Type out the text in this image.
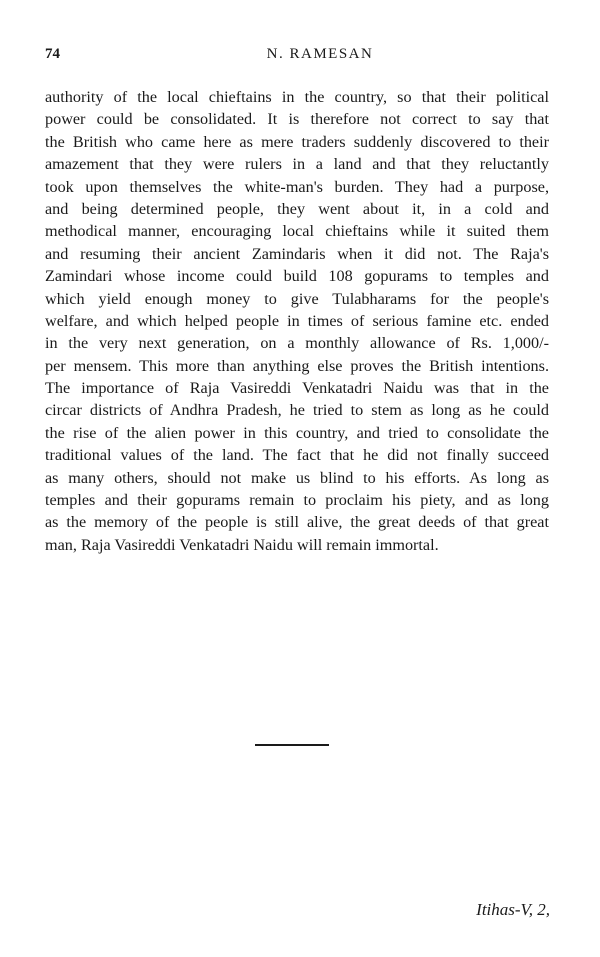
74	N. RAMESAN
authority of the local chieftains in the country, so that their political
power could be consolidated. It is therefore not correct to say that
the British who came here as mere traders suddenly discovered to their
amazement that they were rulers in a land and that they reluctantly
took upon themselves the white-man's burden. They had a purpose,
and being determined people, they went about it, in a cold and
methodical manner, encouraging local chieftains while it suited them
and resuming their ancient Zamindaris when it did not. The Raja's
Zamindari whose income could build 108 gopurams to temples and
which yield enough money to give Tulabharams for the people's
welfare, and which helped people in times of serious famine etc. ended
in the very next generation, on a monthly allowance of Rs. 1,000/-
per mensem. This more than anything else proves the British intentions.
The importance of Raja Vasireddi Venkatadri Naidu was that in the
circar districts of Andhra Pradesh, he tried to stem as long as he could
the rise of the alien power in this country, and tried to consolidate the
traditional values of the land. The fact that he did not finally succeed
as many others, should not make us blind to his efforts. As long as
temples and their gopurams remain to proclaim his piety, and as long
as the memory of the people is still alive, the great deeds of that great
man, Raja Vasireddi Venkatadri Naidu will remain immortal.
Itihas-V, 2,
